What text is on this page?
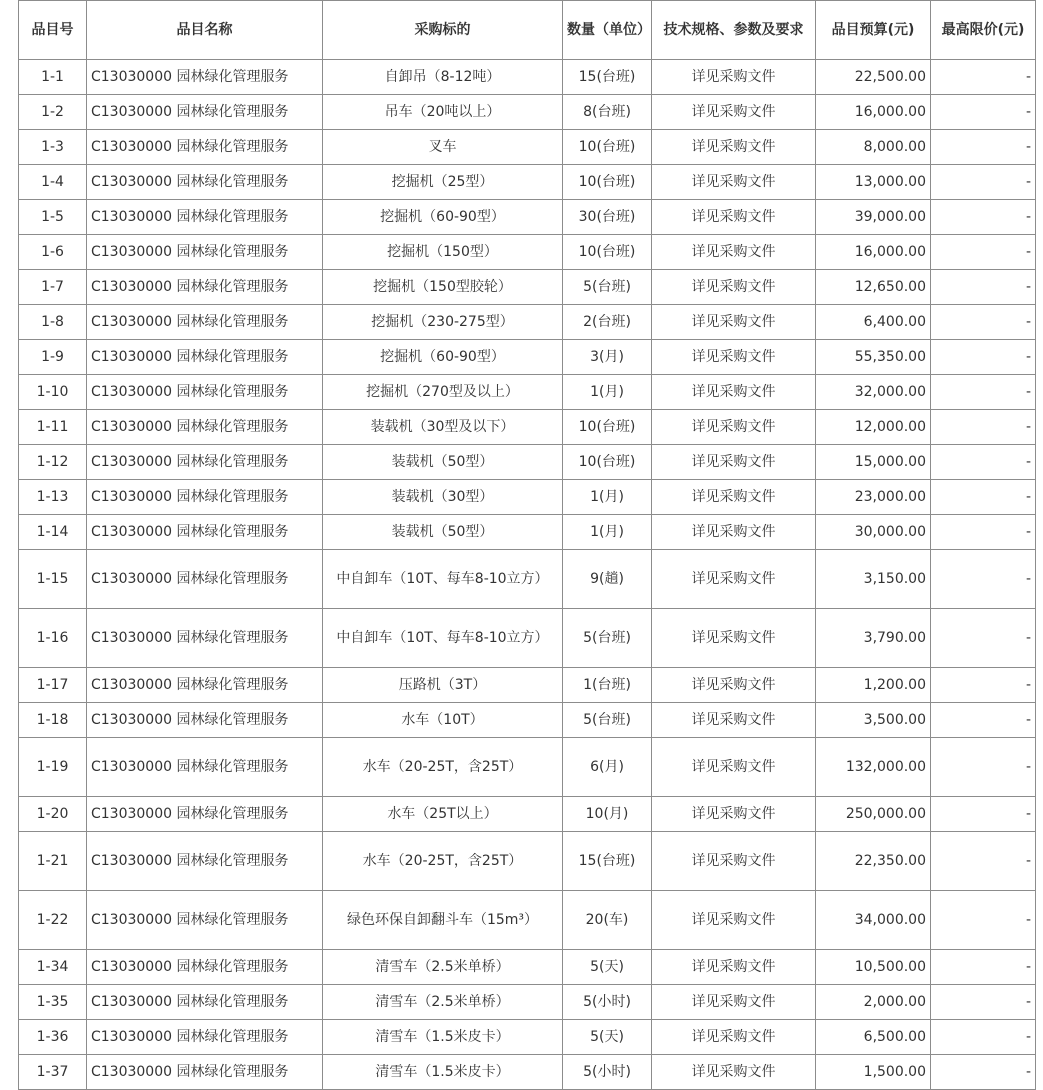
品目号	品目名称	采购标的	数量（单位）	技术规格、参数及要求	品目预算(元)	最高限价(元)
1-1	C13030000 园林绿化管理服务	自卸吊（8-12吨）	15(台班)	详见采购文件	22,500.00	-
1-2	C13030000 园林绿化管理服务	吊车（20吨以上）	8(台班)	详见采购文件	16,000.00	-
1-3	C13030000 园林绿化管理服务	叉车	10(台班)	详见采购文件	8,000.00	-
1-4	C13030000 园林绿化管理服务	挖掘机（25型）	10(台班)	详见采购文件	13,000.00	-
1-5	C13030000 园林绿化管理服务	挖掘机（60-90型）	30(台班)	详见采购文件	39,000.00	-
1-6	C13030000 园林绿化管理服务	挖掘机（150型）	10(台班)	详见采购文件	16,000.00	-
1-7	C13030000 园林绿化管理服务	挖掘机（150型胶轮）	5(台班)	详见采购文件	12,650.00	-
1-8	C13030000 园林绿化管理服务	挖掘机（230-275型）	2(台班)	详见采购文件	6,400.00	-
1-9	C13030000 园林绿化管理服务	挖掘机（60-90型）	3(月)	详见采购文件	55,350.00	-
1-10	C13030000 园林绿化管理服务	挖掘机（270型及以上）	1(月)	详见采购文件	32,000.00	-
1-11	C13030000 园林绿化管理服务	装载机（30型及以下）	10(台班)	详见采购文件	12,000.00	-
1-12	C13030000 园林绿化管理服务	装载机（50型）	10(台班)	详见采购文件	15,000.00	-
1-13	C13030000 园林绿化管理服务	装载机（30型）	1(月)	详见采购文件	23,000.00	-
1-14	C13030000 园林绿化管理服务	装载机（50型）	1(月)	详见采购文件	30,000.00	-
1-15	C13030000 园林绿化管理服务	中自卸车（10T、每车8-10立方）	9(趟)	详见采购文件	3,150.00	-
1-16	C13030000 园林绿化管理服务	中自卸车（10T、每车8-10立方）	5(台班)	详见采购文件	3,790.00	-
1-17	C13030000 园林绿化管理服务	压路机（3T）	1(台班)	详见采购文件	1,200.00	-
1-18	C13030000 园林绿化管理服务	水车（10T）	5(台班)	详见采购文件	3,500.00	-
1-19	C13030000 园林绿化管理服务	水车（20-25T，含25T）	6(月)	详见采购文件	132,000.00	-
1-20	C13030000 园林绿化管理服务	水车（25T以上）	10(月)	详见采购文件	250,000.00	-
1-21	C13030000 园林绿化管理服务	水车（20-25T，含25T）	15(台班)	详见采购文件	22,350.00	-
1-22	C13030000 园林绿化管理服务	绿色环保自卸翻斗车（15m³）	20(车)	详见采购文件	34,000.00	-
1-34	C13030000 园林绿化管理服务	清雪车（2.5米单桥）	5(天)	详见采购文件	10,500.00	-
1-35	C13030000 园林绿化管理服务	清雪车（2.5米单桥）	5(小时)	详见采购文件	2,000.00	-
1-36	C13030000 园林绿化管理服务	清雪车（1.5米皮卡）	5(天)	详见采购文件	6,500.00	-
1-37	C13030000 园林绿化管理服务	清雪车（1.5米皮卡）	5(小时)	详见采购文件	1,500.00	-
